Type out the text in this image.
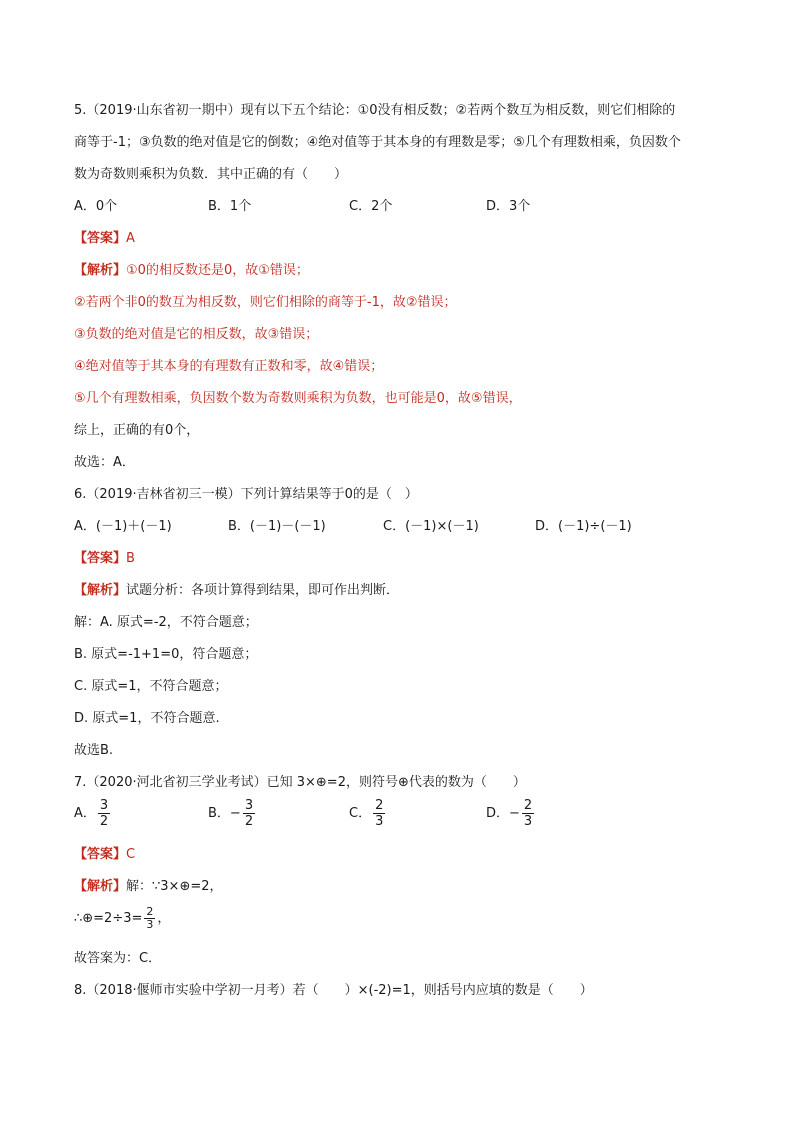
5.（2019·山东省初一期中）现有以下五个结论：①0没有相反数；②若两个数互为相反数，则它们相除的
商等于-1；③负数的绝对值是它的倒数；④绝对值等于其本身的有理数是零；⑤几个有理数相乘，负因数个
数为奇数则乘积为负数．其中正确的有（　　）
A．0个	B．1个	C．2个	D．3个
【答案】A
【解析】①0的相反数还是0，故①错误；
②若两个非0的数互为相反数，则它们相除的商等于-1，故②错误；
③负数的绝对值是它的相反数，故③错误；
④绝对值等于其本身的有理数有正数和零，故④错误；
⑤几个有理数相乘，负因数个数为奇数则乘积为负数，也可能是0，故⑤错误，
综上，正确的有0个，
故选：A．
6.（2019·吉林省初三一模）下列计算结果等于0的是（　）
A．(－1)＋(－1)	B．(－1)－(－1)	C．(－1)×(－1)	D．(－1)÷(－1)
【答案】B
【解析】试题分析：各项计算得到结果，即可作出判断．
解：A. 原式=-2，不符合题意；
B. 原式=-1+1=0，符合题意；
C. 原式=1，不符合题意；
D. 原式=1，不符合题意.
故选B.
7.（2020·河北省初三学业考试）已知 3×⊕=2，则符号⊕代表的数为（　　）
A． $\frac{3}{2}$	B．− $\frac{3}{2}$	C． $\frac{2}{3}$	D．− $\frac{2}{3}$
【答案】C
【解析】解：∵3×⊕=2，
∴⊕=2÷3= $\frac{2}{3}$ ，
故答案为：C．
8.（2018·偃师市实验中学初一月考）若（　　）×(-2)=1，则括号内应填的数是（　　）
